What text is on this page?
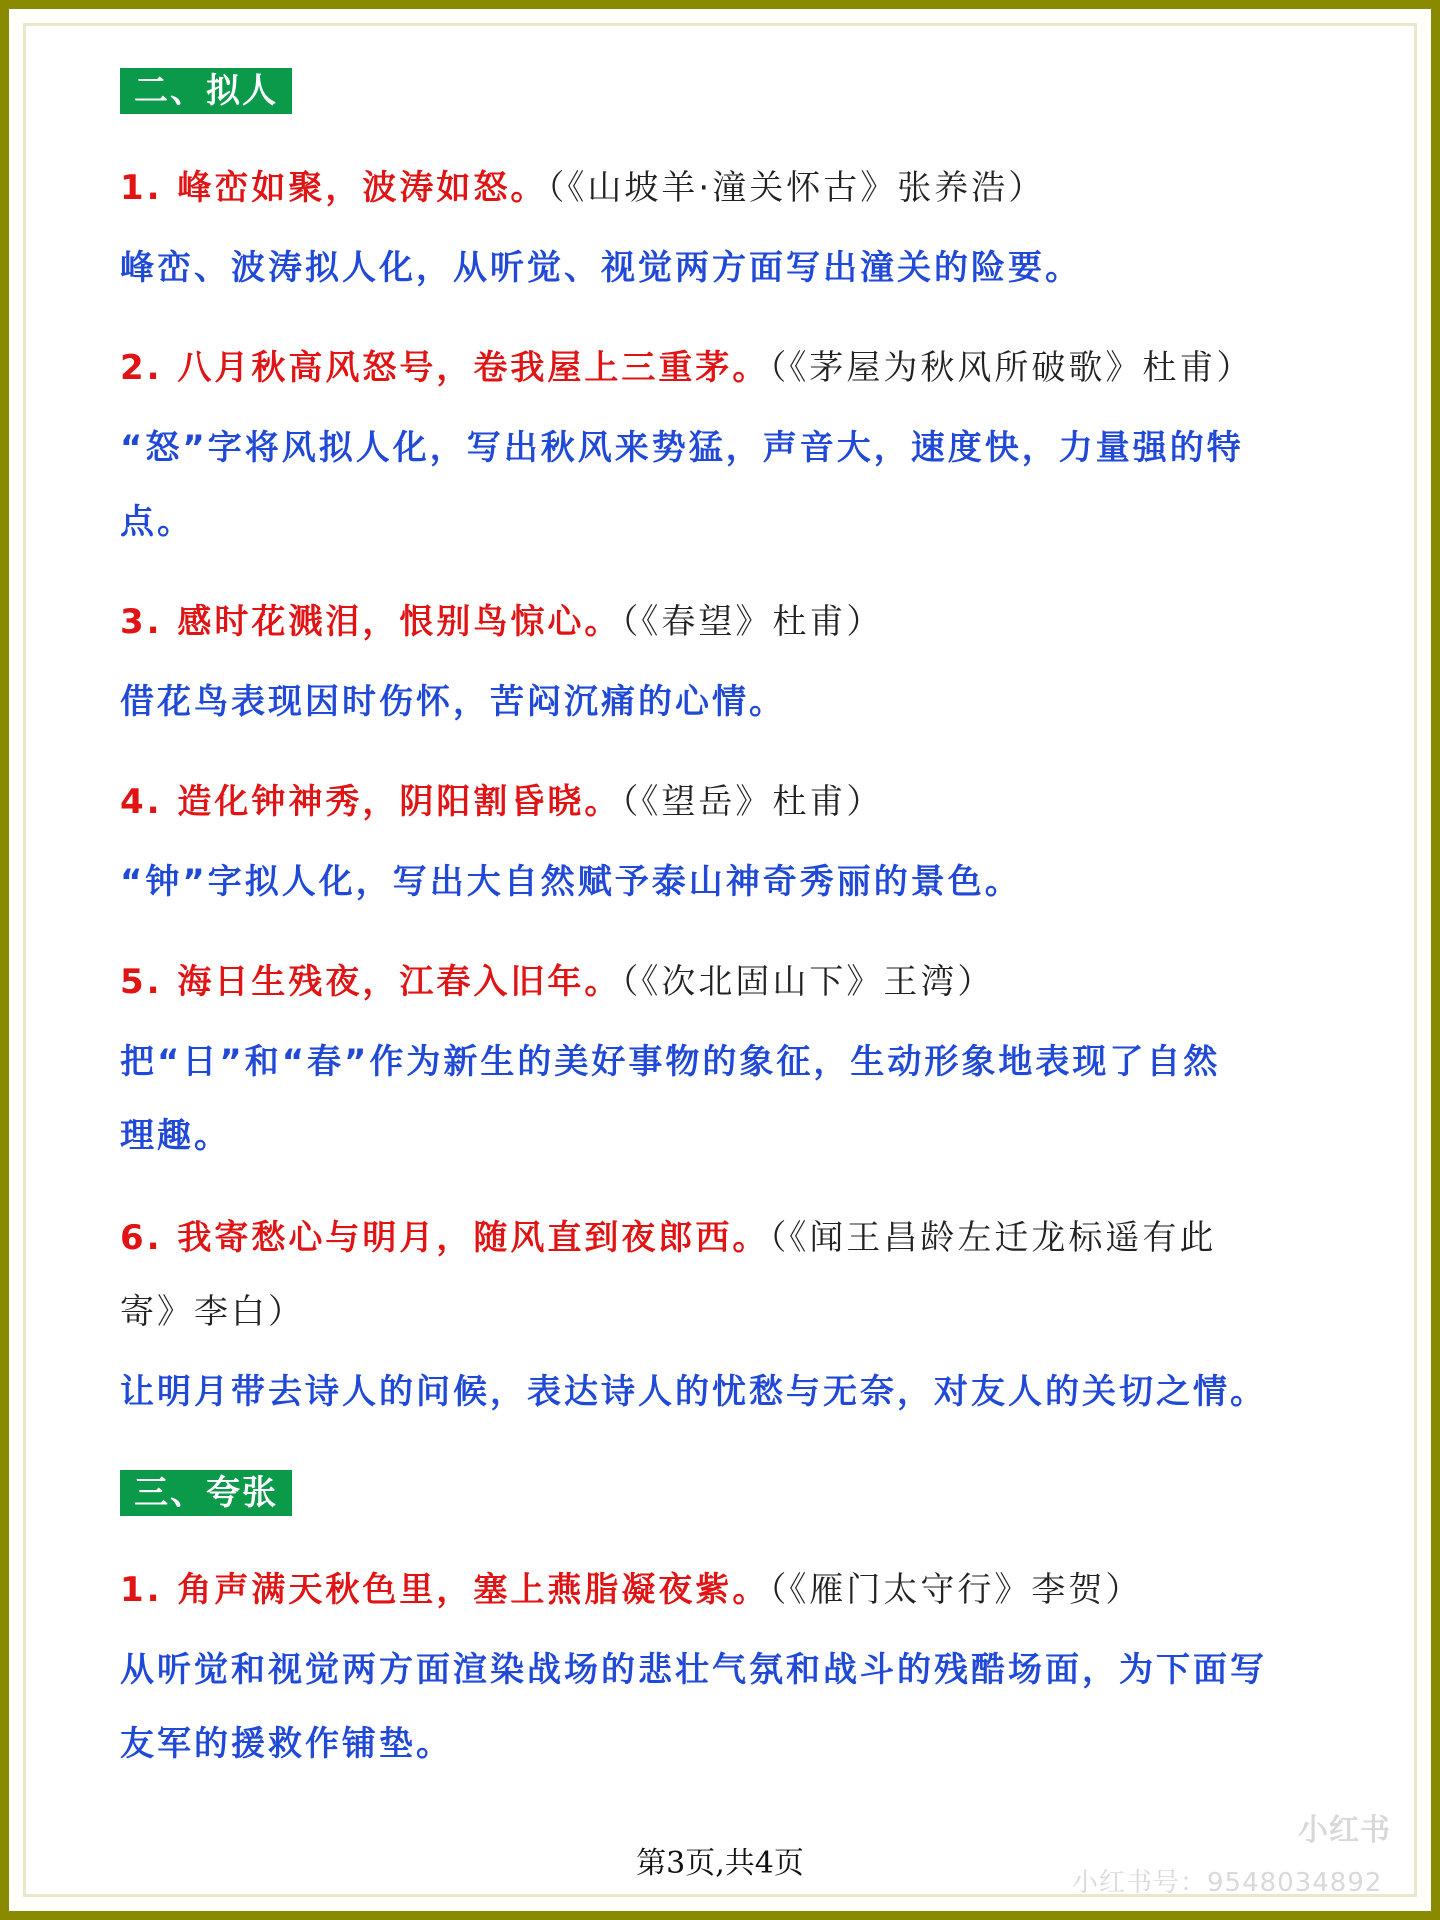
二、拟人
1. 峰峦如聚，波涛如怒。（《山坡羊·潼关怀古》张养浩）
峰峦、波涛拟人化，从听觉、视觉两方面写出潼关的险要。
2. 八月秋高风怒号，卷我屋上三重茅。（《茅屋为秋风所破歌》杜甫）
“怒”字将风拟人化，写出秋风来势猛，声音大，速度快，力量强的特
点。
3. 感时花溅泪，恨别鸟惊心。（《春望》杜甫）
借花鸟表现因时伤怀，苦闷沉痛的心情。
4. 造化钟神秀，阴阳割昏晓。（《望岳》杜甫）
“钟”字拟人化，写出大自然赋予泰山神奇秀丽的景色。
5. 海日生残夜，江春入旧年。（《次北固山下》王湾）
把“日”和“春”作为新生的美好事物的象征，生动形象地表现了自然
理趣。
6. 我寄愁心与明月，随风直到夜郎西。（《闻王昌龄左迁龙标遥有此
寄》李白）
让明月带去诗人的问候，表达诗人的忧愁与无奈，对友人的关切之情。
三、夸张
1. 角声满天秋色里，塞上燕脂凝夜紫。（《雁门太守行》李贺）
从听觉和视觉两方面渲染战场的悲壮气氛和战斗的残酷场面，为下面写
友军的援救作铺垫。
小红书
第3页,共4页
小红书号：9548034892
